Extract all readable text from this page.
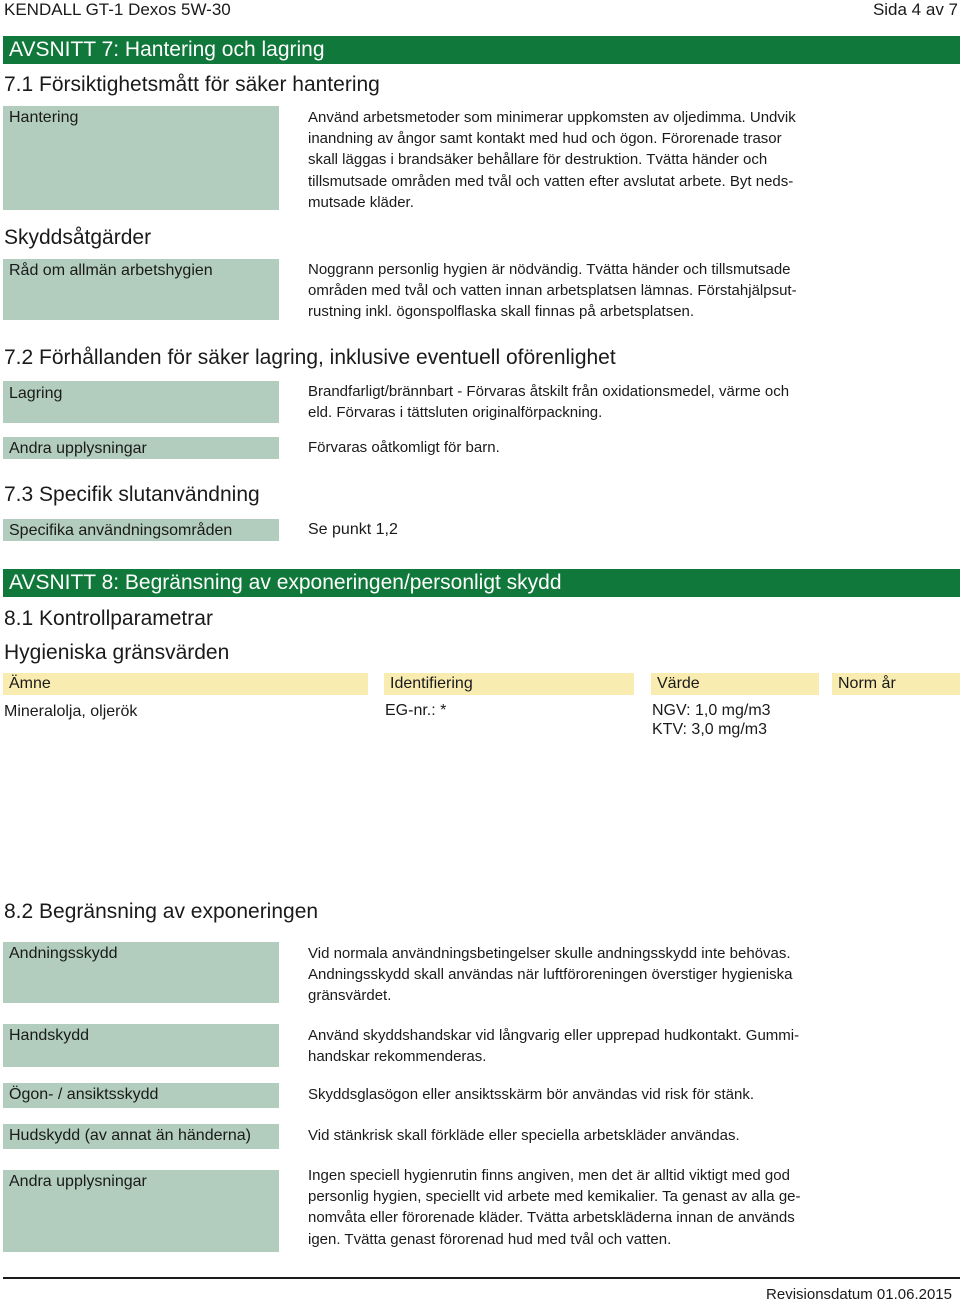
KENDALL GT-1 Dexos 5W-30	Sida 4 av 7
AVSNITT 7: Hantering och lagring
7.1 Försiktighetsmått för säker hantering
Hantering	Använd arbetsmetoder som minimerar uppkomsten av oljedimma. Undvik
inandning av ångor samt kontakt med hud och ögon. Förorenade trasor
skall läggas i brandsäker behållare för destruktion. Tvätta händer och
tillsmutsade områden med tvål och vatten efter avslutat arbete. Byt neds-
mutsade kläder.
Skyddsåtgärder
Råd om allmän arbetshygien	Noggrann personlig hygien är nödvändig. Tvätta händer och tillsmutsade
områden med tvål och vatten innan arbetsplatsen lämnas. Förstahjälpsut-
rustning inkl. ögonspolflaska skall finnas på arbetsplatsen.
7.2 Förhållanden för säker lagring, inklusive eventuell oförenlighet
Lagring	Brandfarligt/brännbart - Förvaras åtskilt från oxidationsmedel, värme och
eld. Förvaras i tättsluten originalförpackning.
Andra upplysningar	Förvaras oåtkomligt för barn.
7.3 Specifik slutanvändning
Specifika användningsområden	Se punkt 1,2
AVSNITT 8: Begränsning av exponeringen/personligt skydd
8.1 Kontrollparametrar
Hygieniska gränsvärden
Ämne	Identifiering	Värde	Norm år
Mineralolja, oljerök	EG-nr.: *	NGV: 1,0 mg/m3
KTV: 3,0 mg/m3
8.2 Begränsning av exponeringen
Andningsskydd	Vid normala användningsbetingelser skulle andningsskydd inte behövas.
Andningsskydd skall användas när luftföroreningen överstiger hygieniska
gränsvärdet.
Handskydd	Använd skyddshandskar vid långvarig eller upprepad hudkontakt. Gummi-
handskar rekommenderas.
Ögon- / ansiktsskydd	Skyddsglasögon eller ansiktsskärm bör användas vid risk för stänk.
Hudskydd (av annat än händerna)	Vid stänkrisk skall förkläde eller speciella arbetskläder användas.
Andra upplysningar	Ingen speciell hygienrutin finns angiven, men det är alltid viktigt med god
personlig hygien, speciellt vid arbete med kemikalier. Ta genast av alla ge-
nomvåta eller förorenade kläder. Tvätta arbetskläderna innan de används
igen. Tvätta genast förorenad hud med tvål och vatten.
Revisionsdatum 01.06.2015
